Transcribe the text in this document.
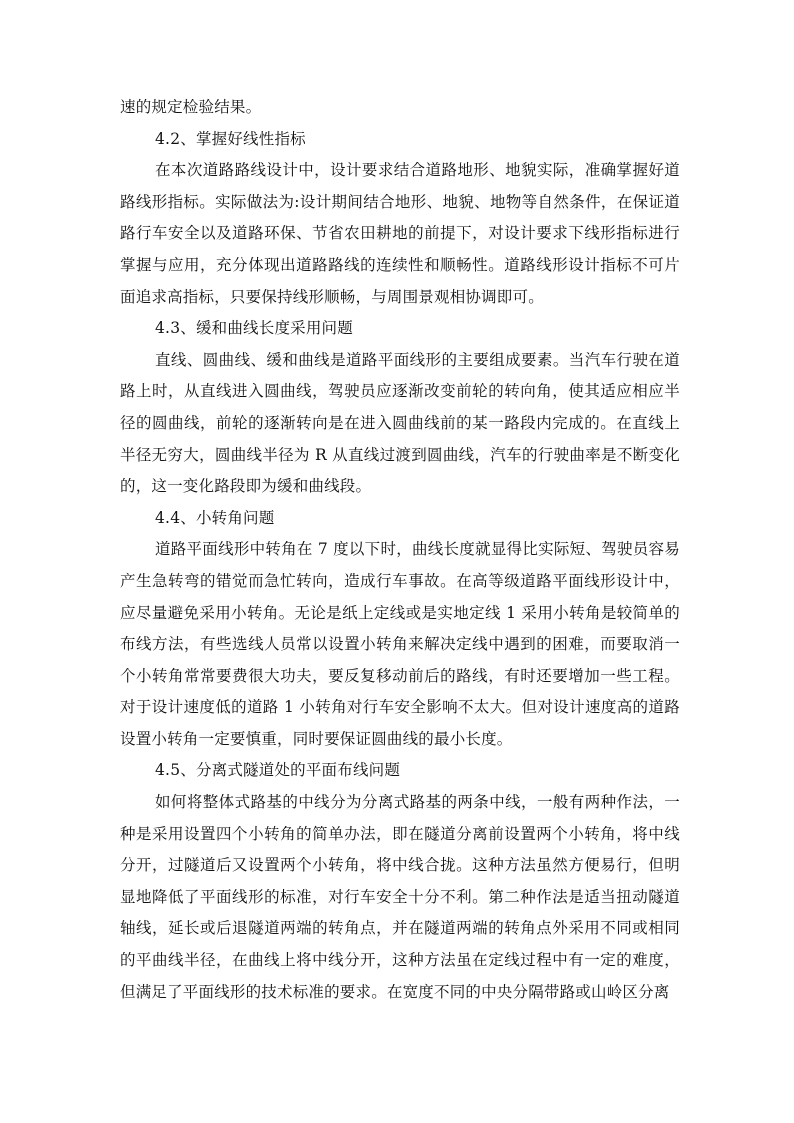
速的规定检验结果。

4.2、掌握好线性指标

在本次道路路线设计中，设计要求结合道路地形、地貌实际，准确掌握好道路线形指标。实际做法为:设计期间结合地形、地貌、地物等自然条件，在保证道路行车安全以及道路环保、节省农田耕地的前提下，对设计要求下线形指标进行掌握与应用，充分体现出道路路线的连续性和顺畅性。道路线形设计指标不可片面追求高指标，只要保持线形顺畅，与周围景观相协调即可。

4.3、缓和曲线长度采用问题

直线、圆曲线、缓和曲线是道路平面线形的主要组成要素。当汽车行驶在道路上时，从直线进入圆曲线，驾驶员应逐渐改变前轮的转向角，使其适应相应半径的圆曲线，前轮的逐渐转向是在进入圆曲线前的某一路段内完成的。在直线上半径无穷大，圆曲线半径为 R 从直线过渡到圆曲线，汽车的行驶曲率是不断变化的，这一变化路段即为缓和曲线段。

4.4、小转角问题

道路平面线形中转角在 7 度以下时，曲线长度就显得比实际短、驾驶员容易产生急转弯的错觉而急忙转向，造成行车事故。在高等级道路平面线形设计中，应尽量避免采用小转角。无论是纸上定线或是实地定线 1 采用小转角是较简单的布线方法，有些选线人员常以设置小转角来解决定线中遇到的困难，而要取消一个小转角常常要费很大功夫，要反复移动前后的路线，有时还要增加一些工程。对于设计速度低的道路 1 小转角对行车安全影响不太大。但对设计速度高的道路设置小转角一定要慎重，同时要保证圆曲线的最小长度。

4.5、分离式隧道处的平面布线问题

如何将整体式路基的中线分为分离式路基的两条中线，一般有两种作法，一种是采用设置四个小转角的简单办法，即在隧道分离前设置两个小转角，将中线分开，过隧道后又设置两个小转角，将中线合拢。这种方法虽然方便易行，但明显地降低了平面线形的标准，对行车安全十分不利。第二种作法是适当扭动隧道轴线，延长或后退隧道两端的转角点，并在隧道两端的转角点外采用不同或相同的平曲线半径，在曲线上将中线分开，这种方法虽在定线过程中有一定的难度，但满足了平面线形的技术标准的要求。在宽度不同的中央分隔带路或山岭区分离
